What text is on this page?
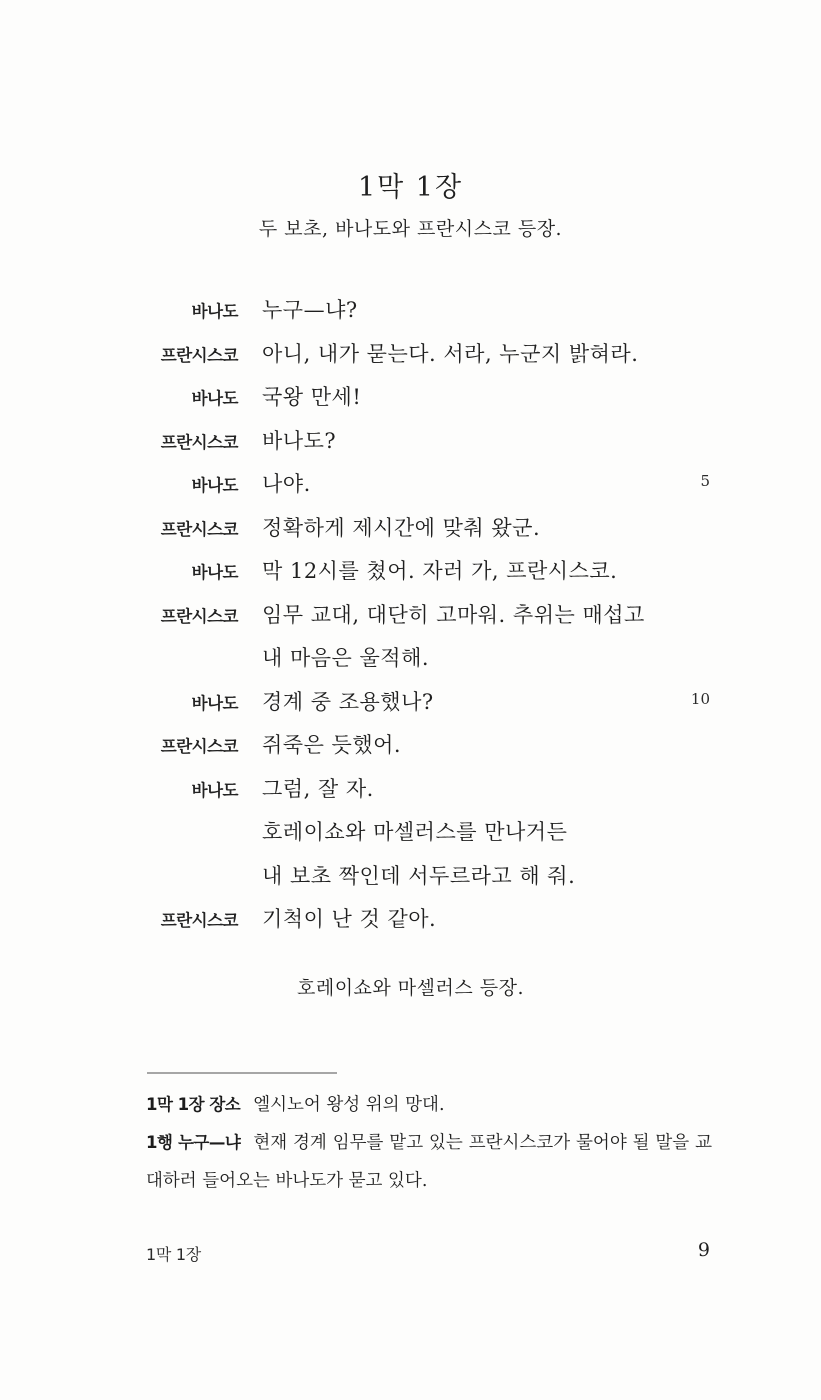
1막 1장
두 보초, 바나도와 프란시스코 등장.
바나도 누구—냐?
프란시스코 아니, 내가 묻는다. 서라, 누군지 밝혀라.
바나도 국왕 만세!
프란시스코 바나도?
바나도 나야.	5
프란시스코 정확하게 제시간에 맞춰 왔군.
바나도 막 12시를 쳤어. 자러 가, 프란시스코.
프란시스코 임무 교대, 대단히 고마워. 추위는 매섭고
내 마음은 울적해.
바나도 경계 중 조용했나?	10
프란시스코 쥐죽은 듯했어.
바나도 그럼, 잘 자.
호레이쇼와 마셀러스를 만나거든
내 보초 짝인데 서두르라고 해 줘.
프란시스코 기척이 난 것 같아.
호레이쇼와 마셀러스 등장.

1막 1장 장소 엘시노어 왕성 위의 망대.

1행 누구—냐 현재 경계 임무를 맡고 있는 프란시스코가 물어야 될 말을 교대하러 들어오는 바나도가 묻고 있다.

1막 1장	9
